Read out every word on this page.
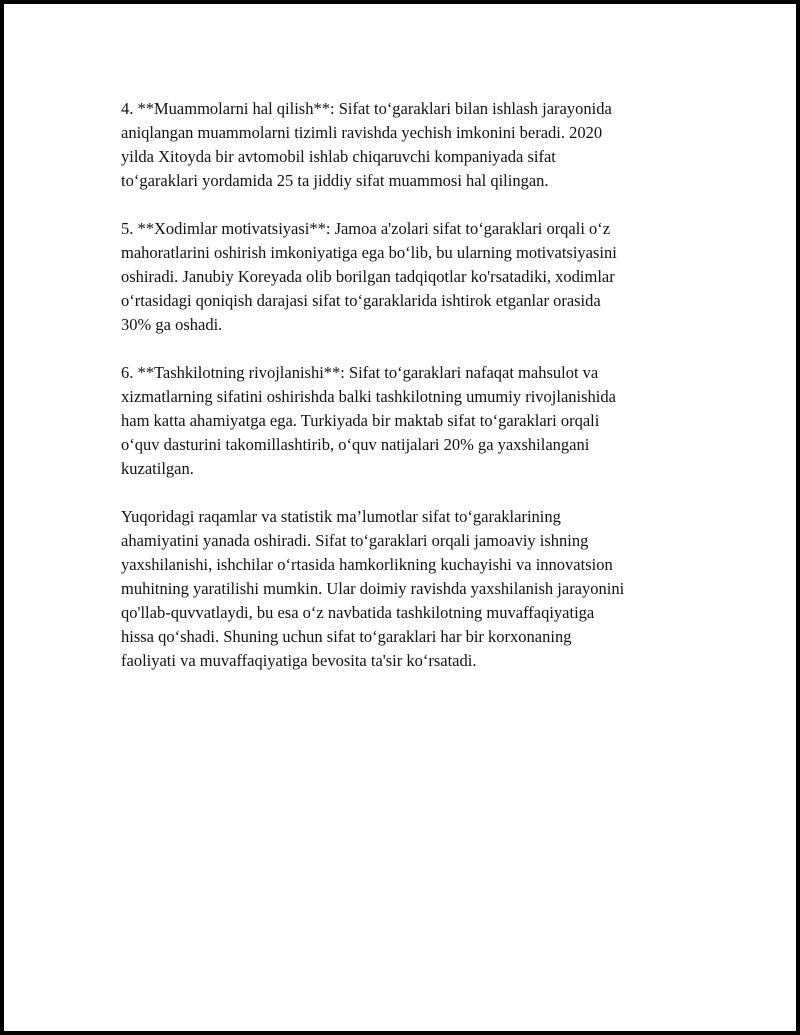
4. **Muammolarni hal qilish**: Sifat to‘garaklari bilan ishlash jarayonida
aniqlangan muammolarni tizimli ravishda yechish imkonini beradi. 2020
yilda Xitoyda bir avtomobil ishlab chiqaruvchi kompaniyada sifat
to‘garaklari yordamida 25 ta jiddiy sifat muammosi hal qilingan.

5. **Xodimlar motivatsiyasi**: Jamoa a'zolari sifat to‘garaklari orqali o‘z
mahoratlarini oshirish imkoniyatiga ega bo‘lib, bu ularning motivatsiyasini
oshiradi. Janubiy Koreyada olib borilgan tadqiqotlar ko'rsatadiki, xodimlar
o‘rtasidagi qoniqish darajasi sifat to‘garaklarida ishtirok etganlar orasida
30% ga oshadi.

6. **Tashkilotning rivojlanishi**: Sifat to‘garaklari nafaqat mahsulot va
xizmatlarning sifatini oshirishda balki tashkilotning umumiy rivojlanishida
ham katta ahamiyatga ega. Turkiyada bir maktab sifat to‘garaklari orqali
o‘quv dasturini takomillashtirib, o‘quv natijalari 20% ga yaxshilangani
kuzatilgan.

Yuqoridagi raqamlar va statistik ma’lumotlar sifat to‘garaklarining
ahamiyatini yanada oshiradi. Sifat to‘garaklari orqali jamoaviy ishning
yaxshilanishi, ishchilar o‘rtasida hamkorlikning kuchayishi va innovatsion
muhitning yaratilishi mumkin. Ular doimiy ravishda yaxshilanish jarayonini
qo'llab-quvvatlaydi, bu esa o‘z navbatida tashkilotning muvaffaqiyatiga
hissa qo‘shadi. Shuning uchun sifat to‘garaklari har bir korxonaning
faoliyati va muvaffaqiyatiga bevosita ta'sir ko‘rsatadi.
